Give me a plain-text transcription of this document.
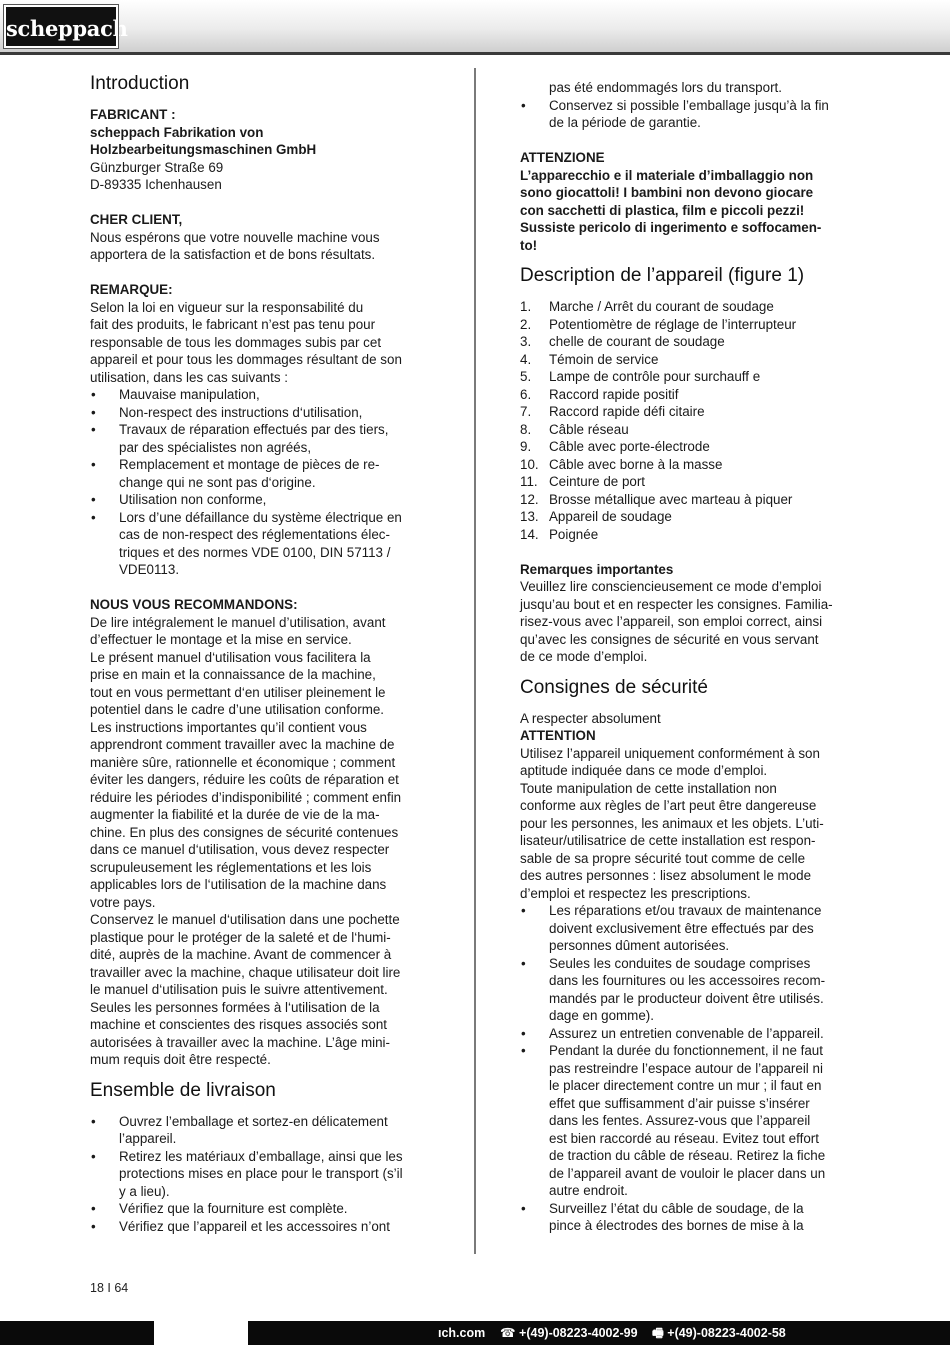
scheppach
Introduction
FABRICANT :
scheppach Fabrikation von
Holzbearbeitungsmaschinen GmbH
Günzburger Straße 69
D-89335 Ichenhausen
CHER CLIENT,
Nous espérons que votre nouvelle machine vous
apportera de la satisfaction et de bons résultats.
REMARQUE:
Selon la loi en vigueur sur la responsabilité du
fait des produits, le fabricant n’est pas tenu pour
responsable de tous les dommages subis par cet
appareil et pour tous les dommages résultant de son
utilisation, dans les cas suivants :
• Mauvaise manipulation,
• Non-respect des instructions d‘utilisation,
• Travaux de réparation effectués par des tiers,
par des spécialistes non agréés,
• Remplacement et montage de pièces de re-
change qui ne sont pas d‘origine.
• Utilisation non conforme,
• Lors d’une défaillance du système électrique en
cas de non-respect des réglementations élec-
triques et des normes VDE 0100, DIN 57113 /
VDE0113.
NOUS VOUS RECOMMANDONS:
De lire intégralement le manuel d’utilisation, avant
d’effectuer le montage et la mise en service.
Le présent manuel d‘utilisation vous facilitera la
prise en main et la connaissance de la machine,
tout en vous permettant d‘en utiliser pleinement le
potentiel dans le cadre d’une utilisation conforme.
Les instructions importantes qu’il contient vous
apprendront comment travailler avec la machine de
manière sûre, rationnelle et économique ; comment
éviter les dangers, réduire les coûts de réparation et
réduire les périodes d’indisponibilité ; comment enfin
augmenter la fiabilité et la durée de vie de la ma-
chine. En plus des consignes de sécurité contenues
dans ce manuel d‘utilisation, vous devez respecter
scrupuleusement les réglementations et les lois
applicables lors de l‘utilisation de la machine dans
votre pays.
Conservez le manuel d‘utilisation dans une pochette
plastique pour le protéger de la saleté et de l‘humi-
dité, auprès de la machine. Avant de commencer à
travailler avec la machine, chaque utilisateur doit lire
le manuel d‘utilisation puis le suivre attentivement.
Seules les personnes formées à l‘utilisation de la
machine et conscientes des risques associés sont
autorisées à travailler avec la machine. L’âge mini-
mum requis doit être respecté.
Ensemble de livraison
• Ouvrez l’emballage et sortez-en délicatement
l’appareil.
• Retirez les matériaux d’emballage, ainsi que les
protections mises en place pour le transport (s’il
y a lieu).
• Vérifiez que la fourniture est complète.
• Vérifiez que l’appareil et les accessoires n’ont
pas été endommagés lors du transport.
• Conservez si possible l’emballage jusqu’à la fin
de la période de garantie.
ATTENZIONE
L’apparecchio e il materiale d’imballaggio non
sono giocattoli! I bambini non devono giocare
con sacchetti di plastica, film e piccoli pezzi!
Sussiste pericolo di ingerimento e soffocamen-
to!
Description de l’appareil (figure 1)
1. Marche / Arrêt du courant de soudage
2. Potentiomètre de réglage de l’interrupteur
3. chelle de courant de soudage
4. Témoin de service
5. Lampe de contrôle pour surchauff e
6. Raccord rapide positif
7. Raccord rapide défi citaire
8. Câble réseau
9. Câble avec porte-électrode
10. Câble avec borne à la masse
11. Ceinture de port
12. Brosse métallique avec marteau à piquer
13. Appareil de soudage
14. Poignée
Remarques importantes
Veuillez lire consciencieusement ce mode d’emploi
jusqu’au bout et en respecter les consignes. Familia-
risez-vous avec l’appareil, son emploi correct, ainsi
qu’avec les consignes de sécurité en vous servant
de ce mode d’emploi.
Consignes de sécurité
A respecter absolument
ATTENTION
Utilisez l’appareil uniquement conformément à son
aptitude indiquée dans ce mode d’emploi.
Toute manipulation de cette installation non
conforme aux règles de l’art peut être dangereuse
pour les personnes, les animaux et les objets. L’uti-
lisateur/utilisatrice de cette installation est respon-
sable de sa propre sécurité tout comme de celle
des autres personnes : lisez absolument le mode
d’emploi et respectez les prescriptions.
• Les réparations et/ou travaux de maintenance
doivent exclusivement être effectués par des
personnes dûment autorisées.
• Seules les conduites de soudage comprises
dans les fournitures ou les accessoires recom-
mandés par le producteur doivent être utilisés.
dage en gomme).
• Assurez un entretien convenable de l’appareil.
• Pendant la durée du fonctionnement, il ne faut
pas restreindre l’espace autour de l’appareil ni
le placer directement contre un mur ; il faut en
effet que suffisamment d’air puisse s’insérer
dans les fentes. Assurez-vous que l’appareil
est bien raccordé au réseau. Evitez tout effort
de traction du câble de réseau. Retirez la fiche
de l’appareil avant de vouloir le placer dans un
autre endroit.
• Surveillez l’état du câble de soudage, de la
pince à électrodes des bornes de mise à la
18 I 64
ıch.com ☎ +(49)-08223-4002-99 🖷 +(49)-08223-4002-58
